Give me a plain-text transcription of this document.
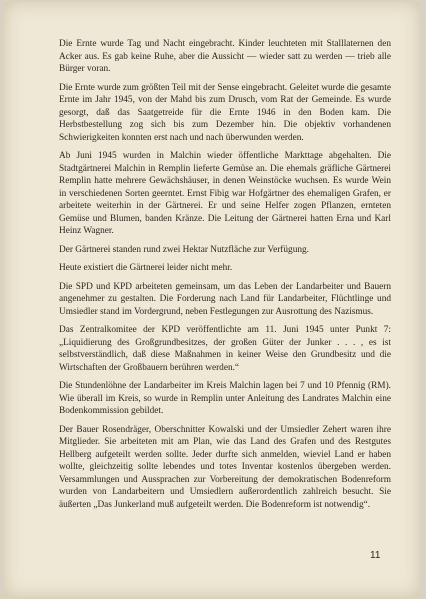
Die Ernte wurde Tag und Nacht eingebracht. Kinder leuchteten mit Stalllaternen den Acker aus. Es gab keine Ruhe, aber die Aussicht — wieder satt zu werden — trieb alle Bürger voran.

Die Ernte wurde zum größten Teil mit der Sense eingebracht. Geleitet wurde die gesamte Ernte im Jahr 1945, von der Mahd bis zum Drusch, vom Rat der Gemeinde. Es wurde gesorgt, daß das Saatgetreide für die Ernte 1946 in den Boden kam. Die Herbstbestellung zog sich bis zum Dezember hin. Die objektiv vorhandenen Schwierigkeiten konnten erst nach und nach überwunden werden.

Ab Juni 1945 wurden in Malchin wieder öffentliche Markttage abgehalten. Die Stadtgärtnerei Malchin in Remplin lieferte Gemüse an. Die ehemals gräfliche Gärtnerei Remplin hatte mehrere Gewächshäuser, in denen Weinstöcke wuchsen. Es wurde Wein in verschiedenen Sorten geerntet. Ernst Fibig war Hofgärtner des ehemaligen Grafen, er arbeitete weiterhin in der Gärtnerei. Er und seine Helfer zogen Pflanzen, ernteten Gemüse und Blumen, banden Kränze. Die Leitung der Gärtnerei hatten Erna und Karl Heinz Wagner.

Der Gärtnerei standen rund zwei Hektar Nutzfläche zur Verfügung.

Heute existiert die Gärtnerei leider nicht mehr.

Die SPD und KPD arbeiteten gemeinsam, um das Leben der Landarbeiter und Bauern angenehmer zu gestalten. Die Forderung nach Land für Landarbeiter, Flüchtlinge und Umsiedler stand im Vordergrund, neben Festlegungen zur Ausrottung des Nazismus.

Das Zentralkomitee der KPD veröffentlichte am 11. Juni 1945 unter Punkt 7: „Liquidierung des Großgrundbesitzes, der großen Güter der Junker . . . , es ist selbstverständlich, daß diese Maßnahmen in keiner Weise den Grundbesitz und die Wirtschaften der Großbauern berühren werden.“

Die Stundenlöhne der Landarbeiter im Kreis Malchin lagen bei 7 und 10 Pfennig (RM). Wie überall im Kreis, so wurde in Remplin unter Anleitung des Landrates Malchin eine Bodenkommission gebildet.

Der Bauer Rosendräger, Oberschnitter Kowalski und der Umsiedler Zehert waren ihre Mitglieder. Sie arbeiteten mit am Plan, wie das Land des Grafen und des Restgutes Hellberg aufgeteilt werden sollte. Jeder durfte sich anmelden, wieviel Land er haben wollte, gleichzeitig sollte lebendes und totes Inventar kostenlos übergeben werden. Versammlungen und Aussprachen zur Vorbereitung der demokratischen Bodenreform wurden von Landarbeitern und Umsiedlern außerordentlich zahlreich besucht. Sie äußerten „Das Junkerland muß aufgeteilt werden. Die Bodenreform ist notwendig“.

11
